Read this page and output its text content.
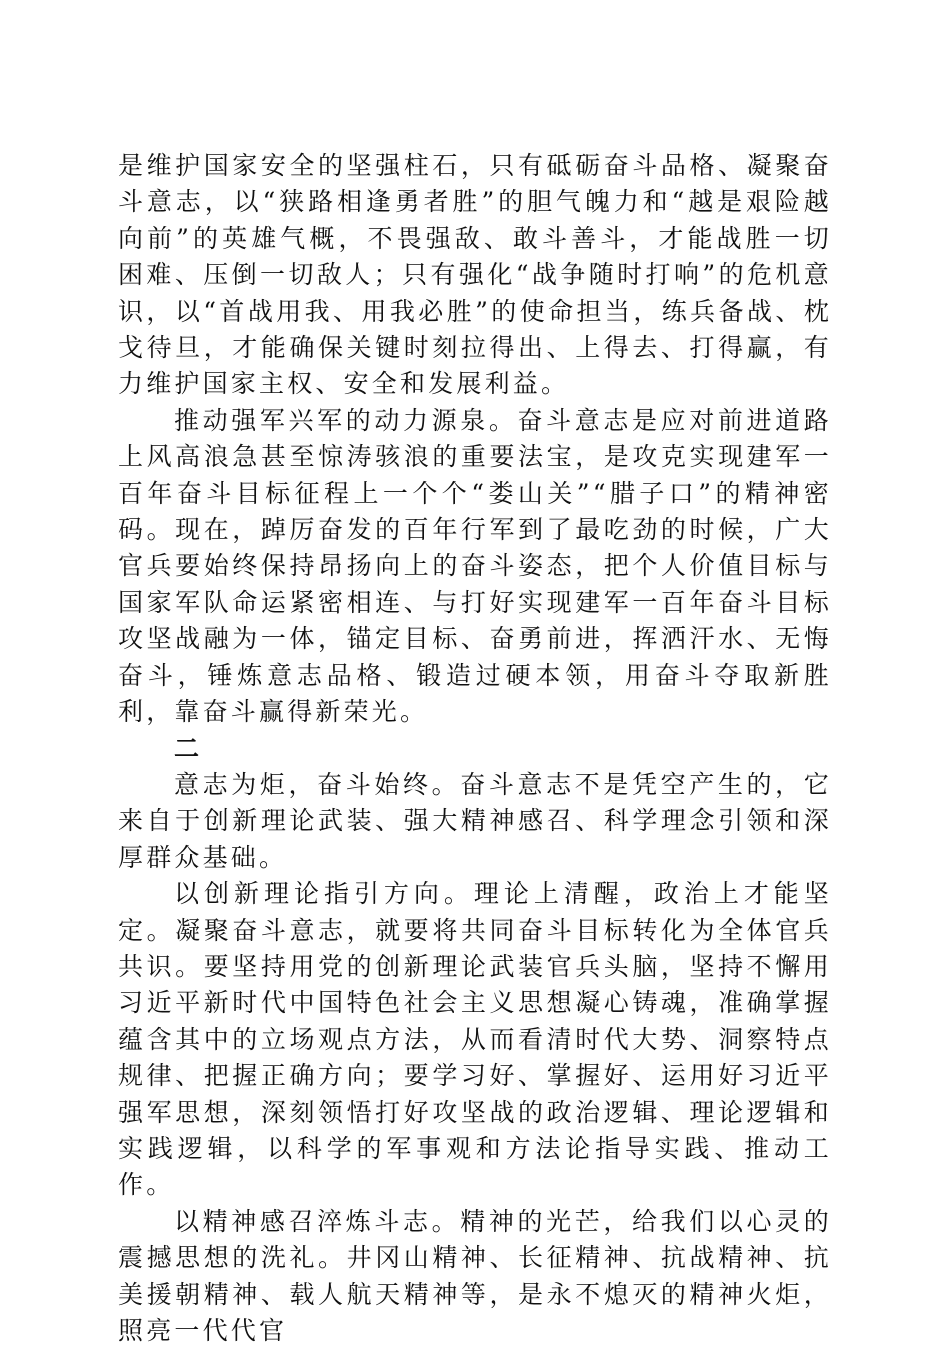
是维护国家安全的坚强柱石，只有砥砺奋斗品格、凝聚奋斗意志，以“狭路相逢勇者胜”的胆气魄力和“越是艰险越向前”的英雄气概，不畏强敌、敢斗善斗，才能战胜一切困难、压倒一切敌人；只有强化“战争随时打响”的危机意识，以“首战用我、用我必胜”的使命担当，练兵备战、枕戈待旦，才能确保关键时刻拉得出、上得去、打得赢，有力维护国家主权、安全和发展利益。

推动强军兴军的动力源泉。奋斗意志是应对前进道路上风高浪急甚至惊涛骇浪的重要法宝，是攻克实现建军一百年奋斗目标征程上一个个“娄山关”“腊子口”的精神密码。现在，踔厉奋发的百年行军到了最吃劲的时候，广大官兵要始终保持昂扬向上的奋斗姿态，把个人价值目标与国家军队命运紧密相连、与打好实现建军一百年奋斗目标攻坚战融为一体，锚定目标、奋勇前进，挥洒汗水、无悔奋斗，锤炼意志品格、锻造过硬本领，用奋斗夺取新胜利，靠奋斗赢得新荣光。

二

意志为炬，奋斗始终。奋斗意志不是凭空产生的，它来自于创新理论武装、强大精神感召、科学理念引领和深厚群众基础。

以创新理论指引方向。理论上清醒，政治上才能坚定。凝聚奋斗意志，就要将共同奋斗目标转化为全体官兵共识。要坚持用党的创新理论武装官兵头脑，坚持不懈用习近平新时代中国特色社会主义思想凝心铸魂，准确掌握蕴含其中的立场观点方法，从而看清时代大势、洞察特点规律、把握正确方向；要学习好、掌握好、运用好习近平强军思想，深刻领悟打好攻坚战的政治逻辑、理论逻辑和实践逻辑，以科学的军事观和方法论指导实践、推动工作。

以精神感召淬炼斗志。精神的光芒，给我们以心灵的震撼思想的洗礼。井冈山精神、长征精神、抗战精神、抗美援朝精神、载人航天精神等，是永不熄灭的精神火炬，照亮一代代官
